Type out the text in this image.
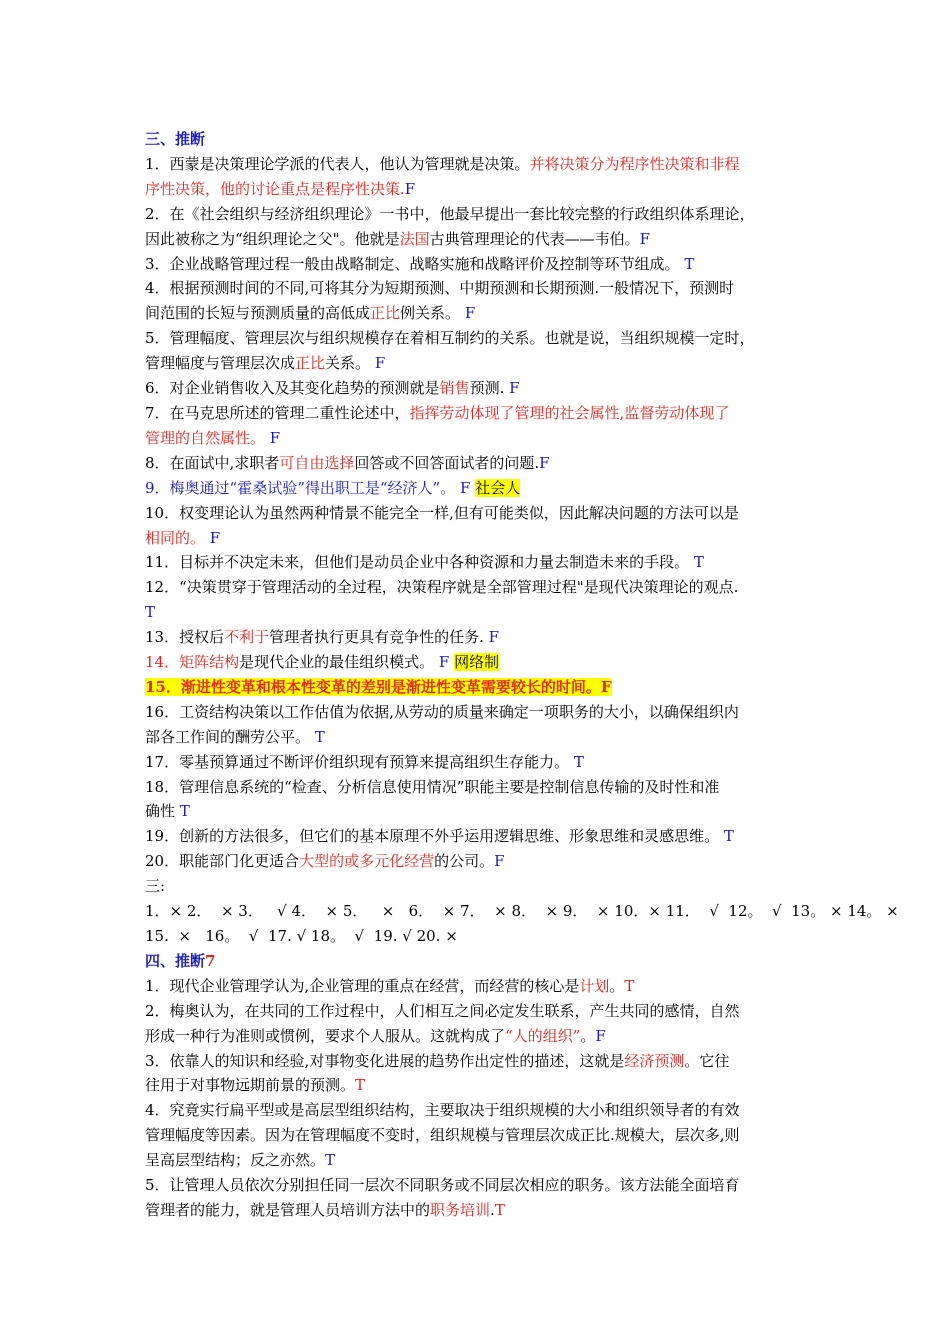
三、推断
1．西蒙是决策理论学派的代表人，他认为管理就是决策。并将决策分为程序性决策和非程
序性决策，他的讨论重点是程序性决策.F
2．在《社会组织与经济组织理论》一书中，他最早提出一套比较完整的行政组织体系理论，
因此被称之为“组织理论之父"。他就是法国古典管理理论的代表——韦伯。F
3．企业战略管理过程一般由战略制定、战略实施和战略评价及控制等环节组成。 T
4．根据预测时间的不同,可将其分为短期预测、中期预测和长期预测.一般情况下，预测时
间范围的长短与预测质量的高低成正比例关系。 F
5．管理幅度、管理层次与组织规模存在着相互制约的关系。也就是说，当组织规模一定时，
管理幅度与管理层次成正比关系。 F
6．对企业销售收入及其变化趋势的预测就是销售预测. F
7．在马克思所述的管理二重性论述中，指挥劳动体现了管理的社会属性,监督劳动体现了
管理的自然属性。 F
8．在面试中,求职者可自由选择回答或不回答面试者的问题.F
9．梅奥通过“霍桑试验”得出职工是“经济人”。 F 社会人
10．权变理论认为虽然两种情景不能完全一样,但有可能类似，因此解决问题的方法可以是
相同的。 F
11．目标并不决定未来，但他们是动员企业中各种资源和力量去制造未来的手段。 T
12．“决策贯穿于管理活动的全过程，决策程序就是全部管理过程"是现代决策理论的观点.
T
13．授权后不利于管理者执行更具有竞争性的任务. F
14．矩阵结构是现代企业的最佳组织模式。 F 网络制
15．渐进性变革和根本性变革的差别是渐进性变革需要较长的时间。F
16．工资结构决策以工作估值为依据,从劳动的质量来确定一项职务的大小，以确保组织内
部各工作间的酬劳公平。 T
17．零基预算通过不断评价组织现有预算来提高组织生存能力。 T
18．管理信息系统的“检查、分析信息使用情况”职能主要是控制信息传输的及时性和准
确性 T
19．创新的方法很多，但它们的基本原理不外乎运用逻辑思维、形象思维和灵感思维。 T
20．职能部门化更适合大型的或多元化经营的公司。F
三:
1．× 2．  × 3．   √ 4．  × 5．   ×   6．  × 7．  × 8．  × 9．  × 10．× 11．  √  12。  √  13。 × 14。 ×
15.  ×   16。  √  17. √ 18。  √  19. √ 20. ×
四、推断7
1．现代企业管理学认为,企业管理的重点在经营，而经营的核心是计划。T
2．梅奥认为，在共同的工作过程中，人们相互之间必定发生联系，产生共同的感情，自然
形成一种行为准则或惯例，要求个人服从。这就构成了“人的组织”。F
3．依靠人的知识和经验,对事物变化进展的趋势作出定性的描述，这就是经济预测。它往
往用于对事物远期前景的预测。T
4．究竟实行扁平型或是高层型组织结构，主要取决于组织规模的大小和组织领导者的有效
管理幅度等因素。因为在管理幅度不变时，组织规模与管理层次成正比.规模大，层次多,则
呈高层型结构；反之亦然。T
5．让管理人员依次分别担任同一层次不同职务或不同层次相应的职务。该方法能全面培育
管理者的能力，就是管理人员培训方法中的职务培训.T
